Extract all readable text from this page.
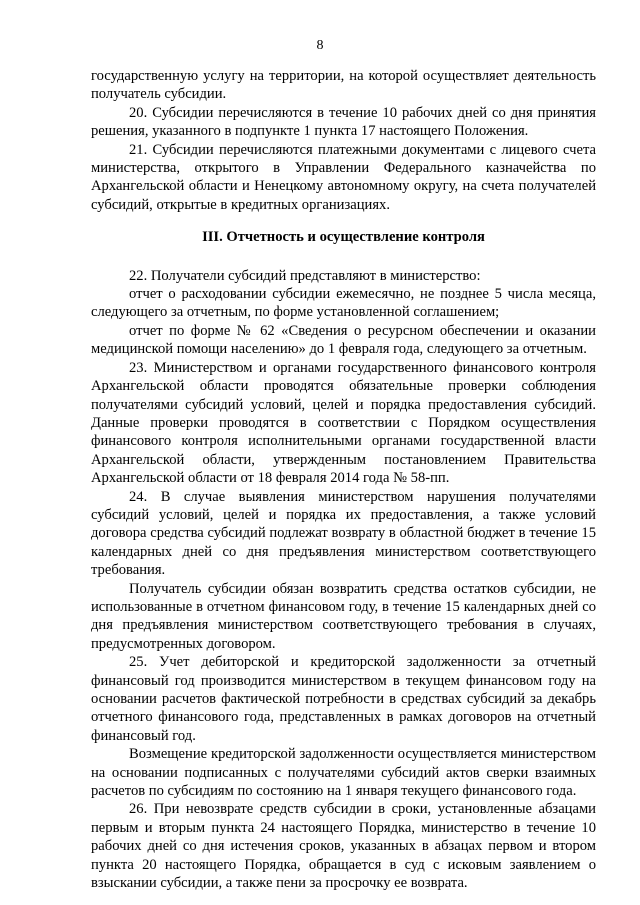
8

государственную услугу на территории, на которой осуществляет деятельность получатель субсидии.

20. Субсидии перечисляются в течение 10 рабочих дней со дня принятия решения, указанного в подпункте 1 пункта 17 настоящего Положения.

21. Субсидии перечисляются платежными документами с лицевого счета министерства, открытого в Управлении Федерального казначейства по Архангельской области и Ненецкому автономному округу, на счета получателей субсидий, открытые в кредитных организациях.

III. Отчетность и осуществление контроля

22. Получатели субсидий представляют в министерство:

отчет о расходовании субсидии ежемесячно, не позднее 5 числа месяца, следующего за отчетным, по форме установленной соглашением;

отчет по форме № 62 «Сведения о ресурсном обеспечении и оказании медицинской помощи населению» до 1 февраля года, следующего за отчетным.

23. Министерством и органами государственного финансового контроля Архангельской области проводятся обязательные проверки соблюдения получателями субсидий условий, целей и порядка предоставления субсидий. Данные проверки проводятся в соответствии с Порядком осуществления финансового контроля исполнительными органами государственной власти Архангельской области, утвержденным постановлением Правительства Архангельской области от 18 февраля 2014 года № 58-пп.

24. В случае выявления министерством нарушения получателями субсидий условий, целей и порядка их предоставления, а также условий договора средства субсидий подлежат возврату в областной бюджет в течение 15 календарных дней со дня предъявления министерством соответствующего требования.

Получатель субсидии обязан возвратить средства остатков субсидии, не использованные в отчетном финансовом году, в течение 15 календарных дней со дня предъявления министерством соответствующего требования в случаях, предусмотренных договором.

25. Учет дебиторской и кредиторской задолженности за отчетный финансовый год производится министерством в текущем финансовом году на основании расчетов фактической потребности в средствах субсидий за декабрь отчетного финансового года, представленных в рамках договоров на отчетный финансовый год.

Возмещение кредиторской задолженности осуществляется министерством на основании подписанных с получателями субсидий актов сверки взаимных расчетов по субсидиям по состоянию на 1 января текущего финансового года.

26. При невозврате средств субсидии в сроки, установленные абзацами первым и вторым пункта 24 настоящего Порядка, министерство в течение 10 рабочих дней со дня истечения сроков, указанных в абзацах первом и втором пункта 20 настоящего Порядка, обращается в суд с исковым заявлением о взыскании субсидии, а также пени за просрочку ее возврата.
